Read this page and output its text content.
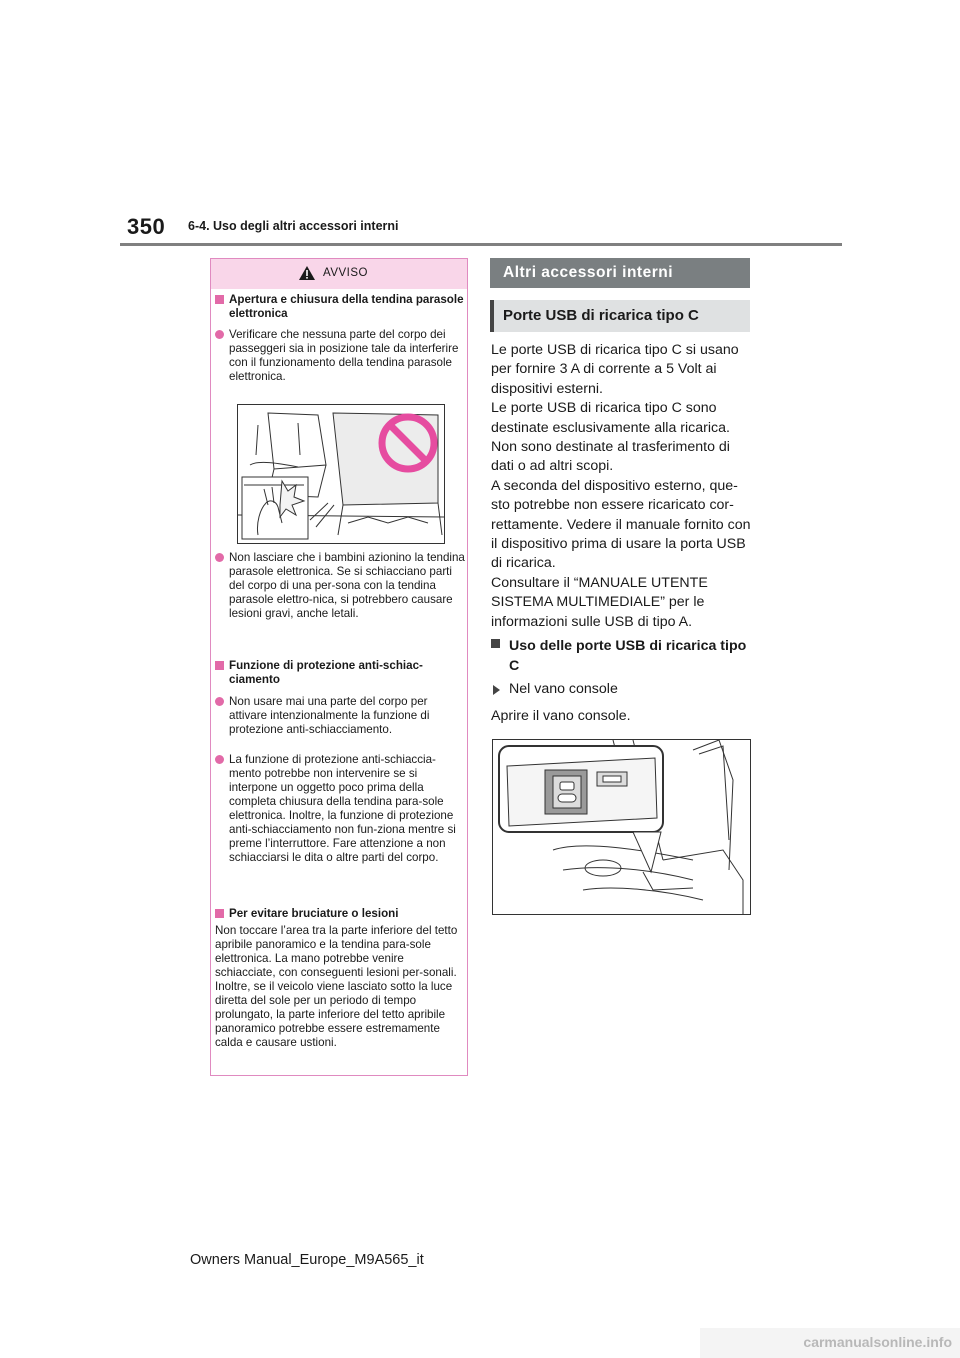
350 6-4. Uso degli altri accessori interni
AVVISO
Apertura e chiusura della tendina parasole elettronica
Verificare che nessuna parte del corpo dei passeggeri sia in posizione tale da interferire con il funzionamento della tendina parasole elettronica.
Non lasciare che i bambini azionino la tendina parasole elettronica. Se si schiacciano parti del corpo di una per-sona con la tendina parasole elettro-nica, si potrebbero causare lesioni gravi, anche letali.
Funzione di protezione anti-schiac-ciamento
Non usare mai una parte del corpo per attivare intenzionalmente la funzione di protezione anti-schiacciamento.
La funzione di protezione anti-schiaccia-mento potrebbe non intervenire se si interpone un oggetto poco prima della completa chiusura della tendina para-sole elettronica. Inoltre, la funzione di protezione anti-schiacciamento non fun-ziona mentre si preme l’interruttore. Fare attenzione a non schiacciarsi le dita o altre parti del corpo.
Per evitare bruciature o lesioni
Non toccare l’area tra la parte inferiore del tetto apribile panoramico e la tendina para-sole elettronica. La mano potrebbe venire schiacciate, con conseguenti lesioni per-sonali. Inoltre, se il veicolo viene lasciato sotto la luce diretta del sole per un periodo di tempo prolungato, la parte inferiore del tetto apribile panoramico potrebbe essere estremamente calda e causare ustioni.
Altri accessori interni
Porte USB di ricarica tipo C
Le porte USB di ricarica tipo C si usano per fornire 3 A di corrente a 5 Volt ai dispositivi esterni.
Le porte USB di ricarica tipo C sono destinate esclusivamente alla ricarica. Non sono destinate al trasferimento di dati o ad altri scopi.
A seconda del dispositivo esterno, que-sto potrebbe non essere ricaricato cor-rettamente. Vedere il manuale fornito con il dispositivo prima di usare la porta USB di ricarica.
Consultare il “MANUALE UTENTE SISTEMA MULTIMEDIALE” per le informazioni sulle USB di tipo A.
Uso delle porte USB di ricarica tipo C
Nel vano console
Aprire il vano console.
Owners Manual_Europe_M9A565_it
carmanualsonline.info
